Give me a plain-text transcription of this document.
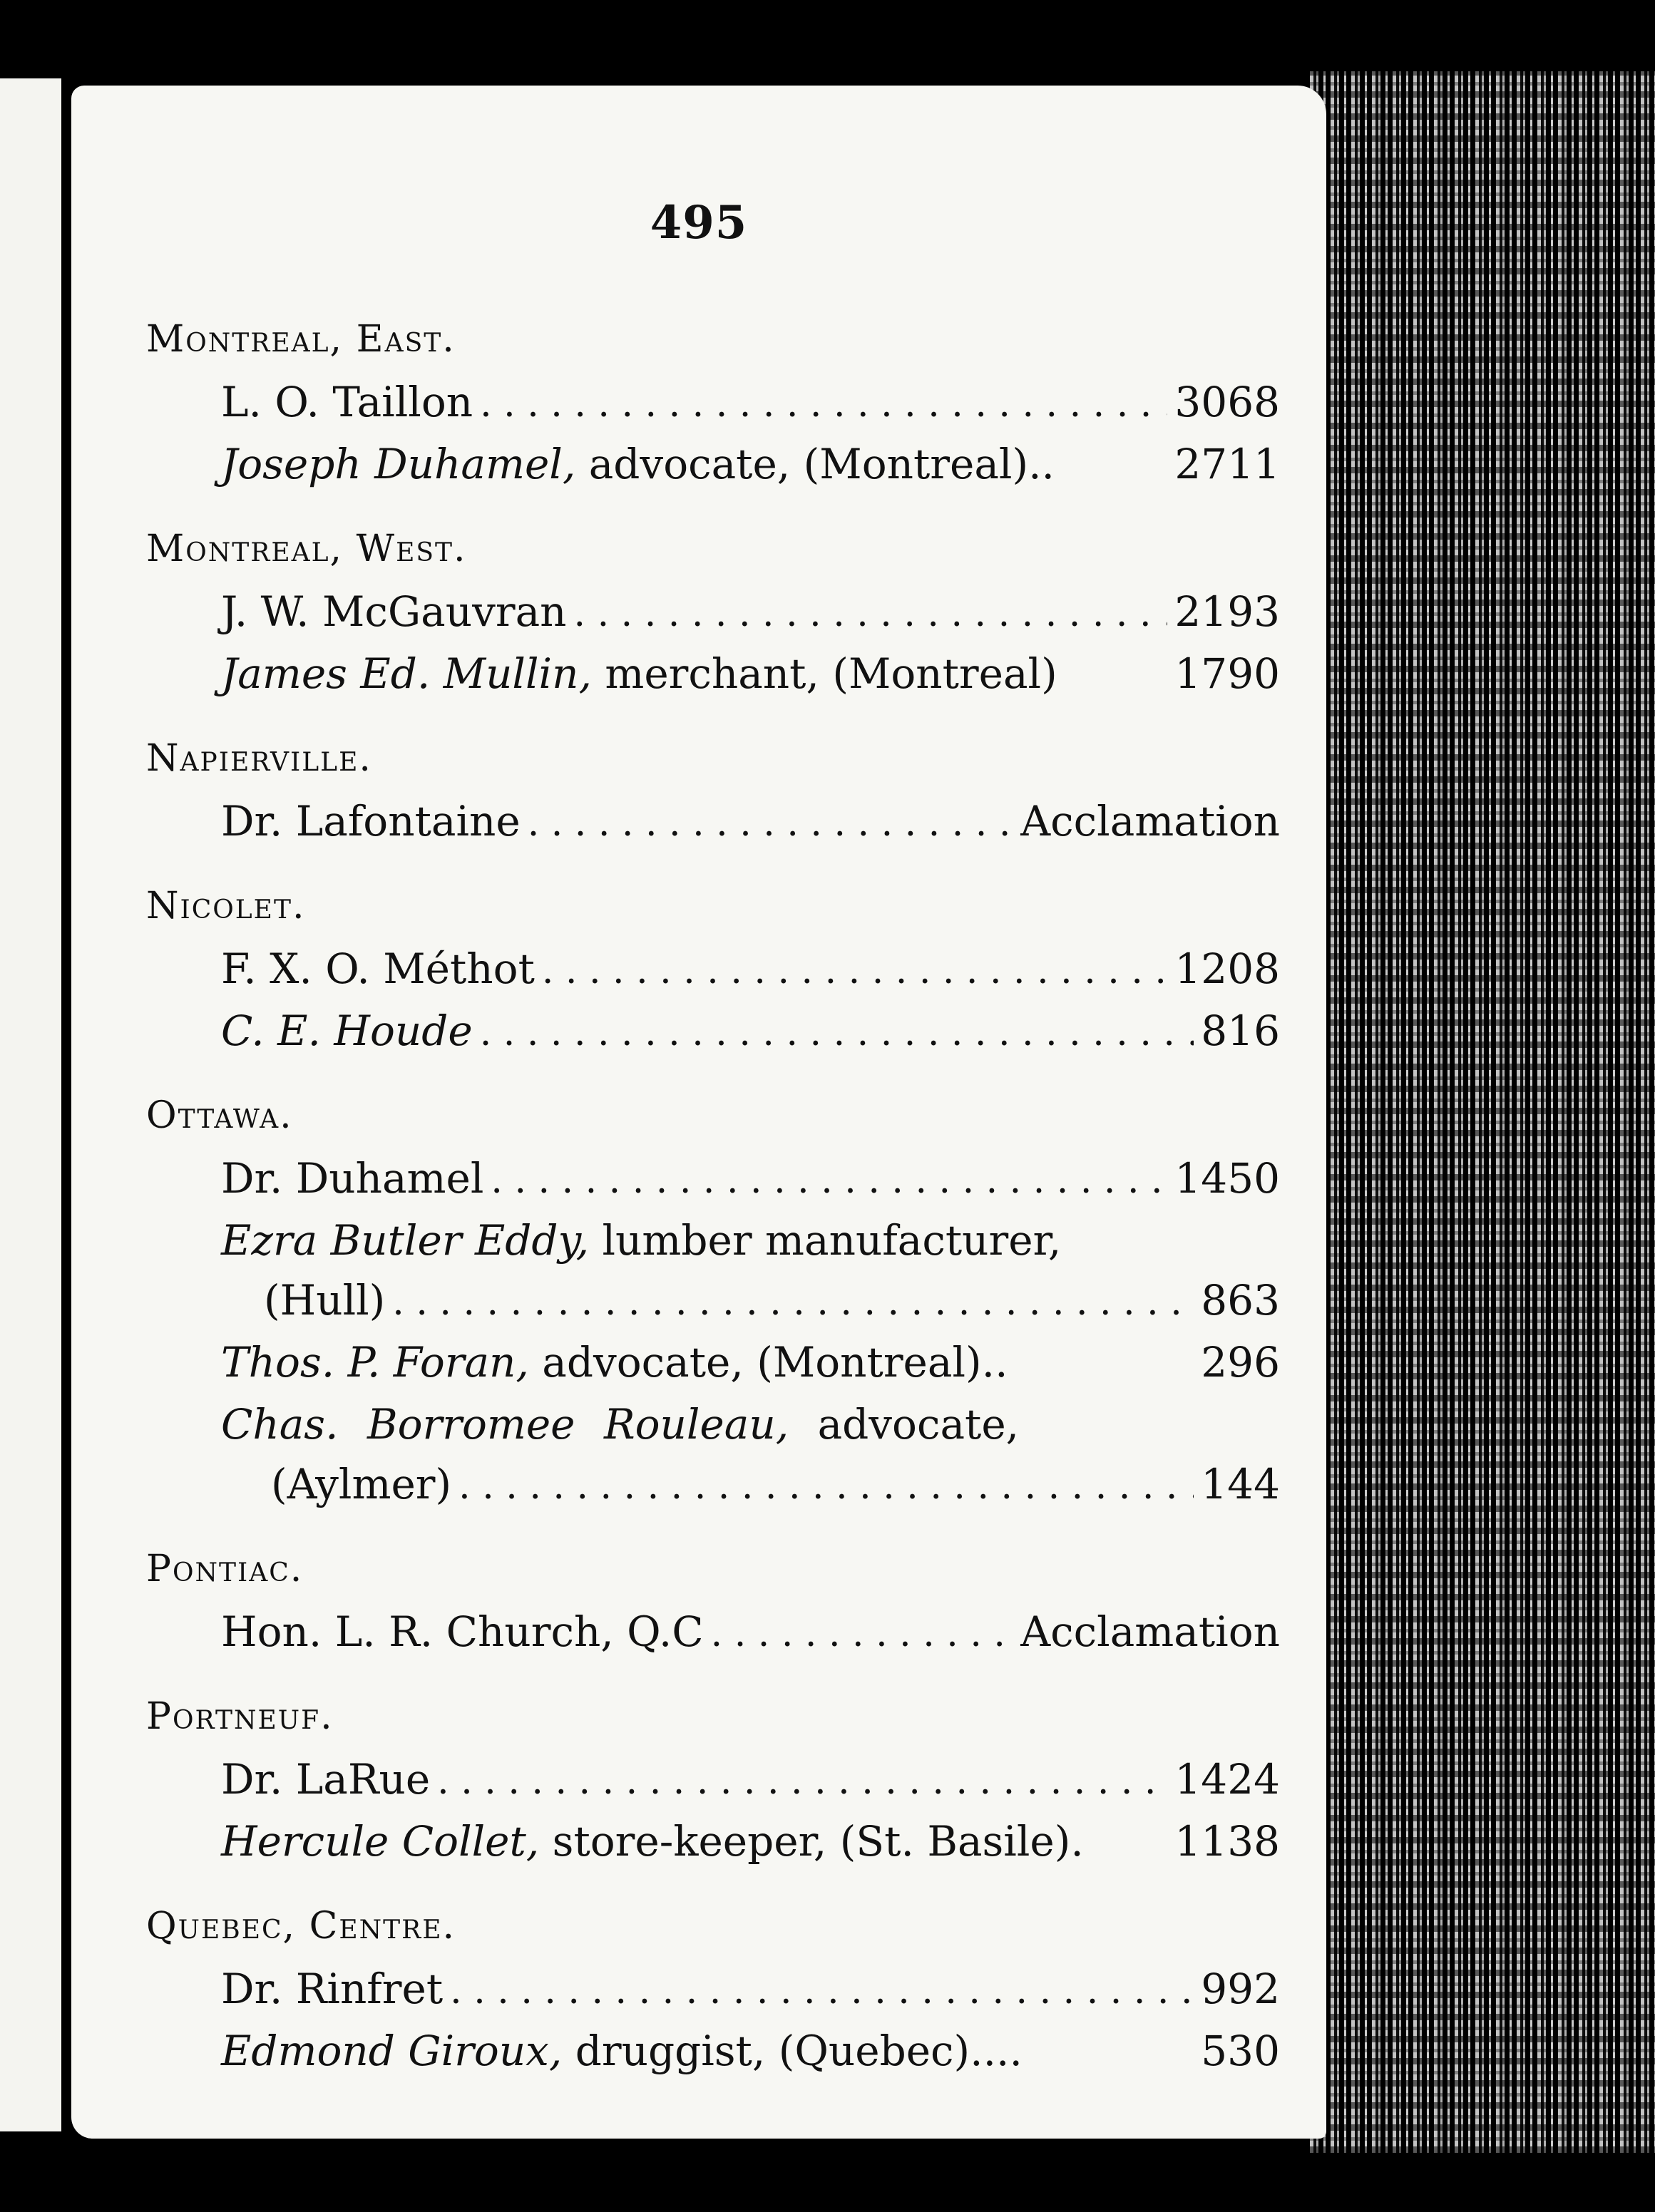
495
Montreal, East.
L. O. Taillon . . .	3068
Joseph Duhamel, advocate, (Montreal)..	2711
Montreal, West.
J. W. McGauvran . . .	2193
James Ed. Mullin, merchant, (Montreal)	1790
Napierville.
Dr. Lafontaine . . .	Acclamation
Nicolet.
F. X. O. Méthot . . .	1208
C. E. Houde . . .	816
Ottawa.
Dr. Duhamel . . .	1450
Ezra Butler Eddy, lumber manufacturer,
(Hull) . . .	863
Thos. P. Foran, advocate, (Montreal)..	296
Chas. Borromee Rouleau, advocate,
(Aylmer) . . .	144
Pontiac.
Hon. L. R. Church, Q.C . . .	Acclamation
Portneuf.
Dr. LaRue . . .	1424
Hercule Collet, store-keeper, (St. Basile). 1138
Quebec, Centre.
Dr. Rinfret . . .	992
Edmond Giroux, druggist, (Quebec)....	530
